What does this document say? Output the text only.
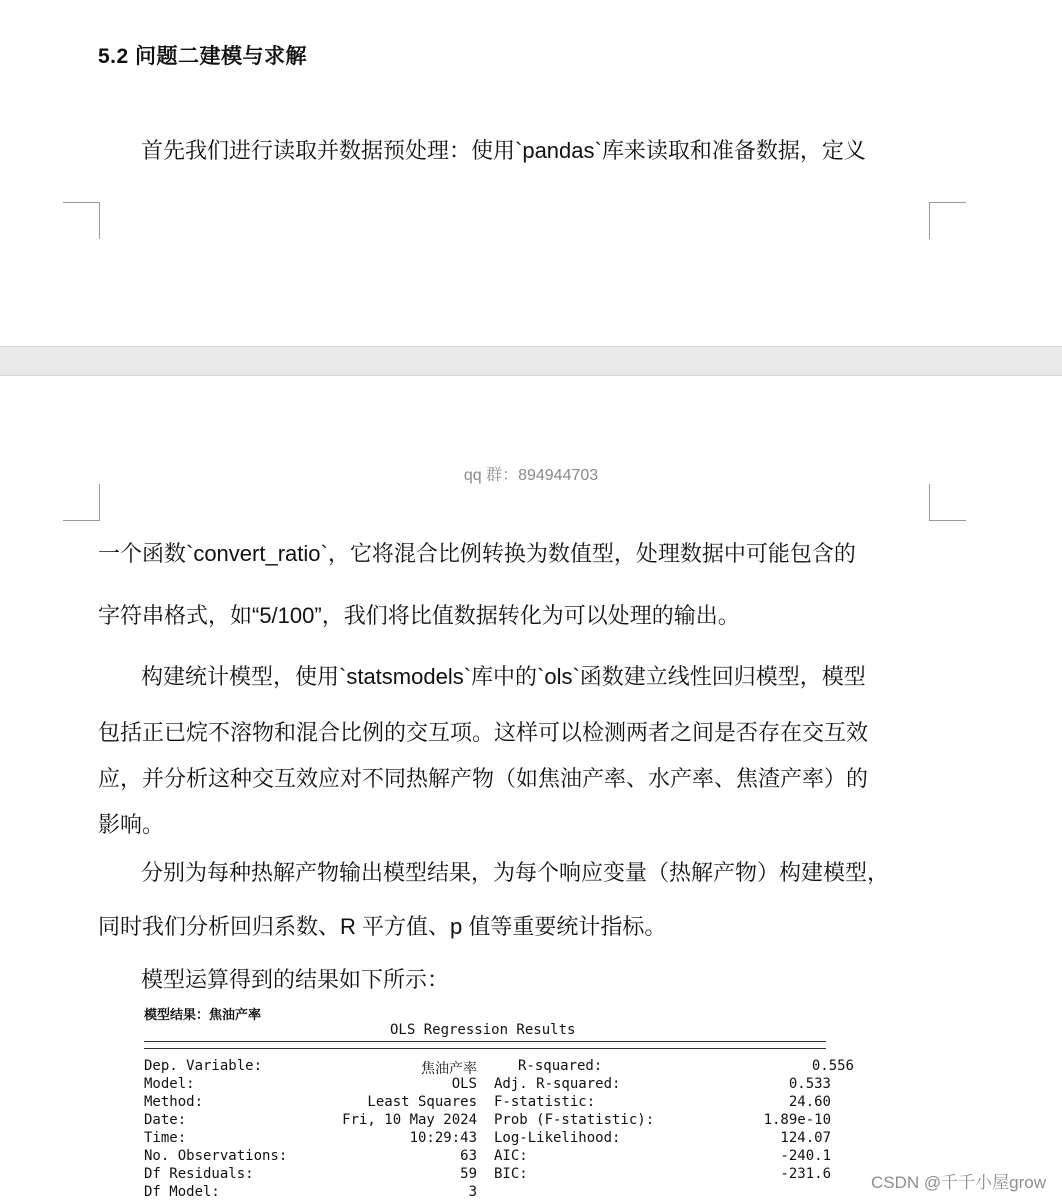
5.2 问题二建模与求解
首先我们进行读取并数据预处理：使用`pandas`库来读取和准备数据，定义
qq 群：894944703
一个函数`convert_ratio`，它将混合比例转换为数值型，处理数据中可能包含的
字符串格式，如“5/100”，我们将比值数据转化为可以处理的输出。
构建统计模型，使用`statsmodels`库中的`ols`函数建立线性回归模型，模型
包括正已烷不溶物和混合比例的交互项。这样可以检测两者之间是否存在交互效
应，并分析这种交互效应对不同热解产物（如焦油产率、水产率、焦渣产率）的
影响。
分别为每种热解产物输出模型结果，为每个响应变量（热解产物）构建模型，
同时我们分析回归系数、R 平方值、p 值等重要统计指标。
模型运算得到的结果如下所示：
模型结果：焦油产率
OLS Regression Results
Dep. Variable:	焦油产率	R-squared:	0.556
Model:	OLS Adj. R-squared:	0.533
Method:	Least Squares F-statistic:	24.60
Date:	Fri, 10 May 2024 Prob (F-statistic):	1.89e-10
Time:	10:29:43 Log-Likelihood:	124.07
No. Observations:	63 AIC:	-240.1
Df Residuals:	59 BIC:	-231.6
Df Model:	3	CSDN @千千小屋grow
